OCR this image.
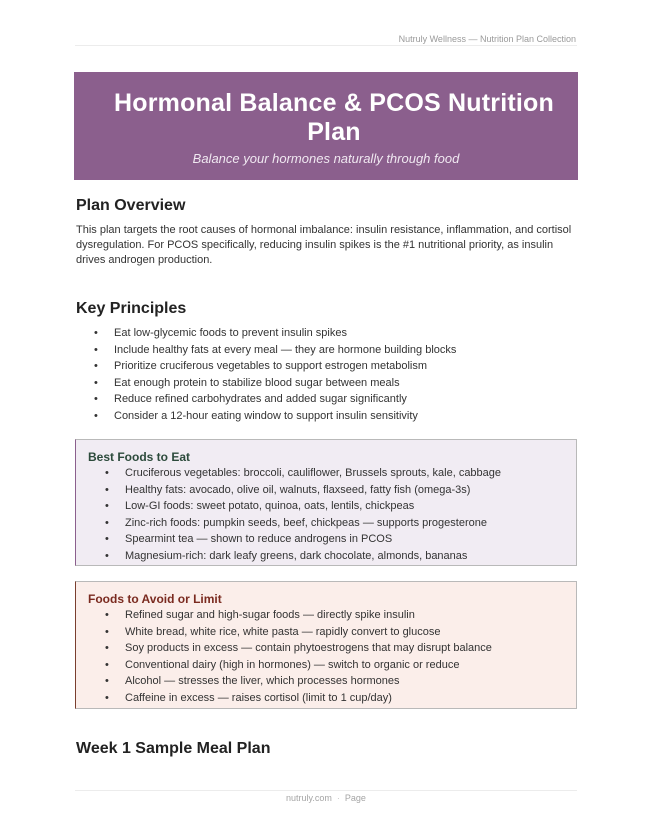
Nutruly Wellness — Nutrition Plan Collection
Hormonal Balance & PCOS Nutrition Plan
Balance your hormones naturally through food
Plan Overview

This plan targets the root causes of hormonal imbalance: insulin resistance, inflammation, and cortisol dysregulation. For PCOS specifically, reducing insulin spikes is the #1 nutritional priority, as insulin drives androgen production.

Key Principles
• Eat low-glycemic foods to prevent insulin spikes
• Include healthy fats at every meal — they are hormone building blocks
• Prioritize cruciferous vegetables to support estrogen metabolism
• Eat enough protein to stabilize blood sugar between meals
• Reduce refined carbohydrates and added sugar significantly
• Consider a 12-hour eating window to support insulin sensitivity
Best Foods to Eat
• Cruciferous vegetables: broccoli, cauliflower, Brussels sprouts, kale, cabbage
• Healthy fats: avocado, olive oil, walnuts, flaxseed, fatty fish (omega-3s)
• Low-GI foods: sweet potato, quinoa, oats, lentils, chickpeas
• Zinc-rich foods: pumpkin seeds, beef, chickpeas — supports progesterone
• Spearmint tea — shown to reduce androgens in PCOS
• Magnesium-rich: dark leafy greens, dark chocolate, almonds, bananas
Foods to Avoid or Limit
• Refined sugar and high-sugar foods — directly spike insulin
• White bread, white rice, white pasta — rapidly convert to glucose
• Soy products in excess — contain phytoestrogens that may disrupt balance
• Conventional dairy (high in hormones) — switch to organic or reduce
• Alcohol — stresses the liver, which processes hormones
• Caffeine in excess — raises cortisol (limit to 1 cup/day)
Week 1 Sample Meal Plan
nutruly.com · Page
